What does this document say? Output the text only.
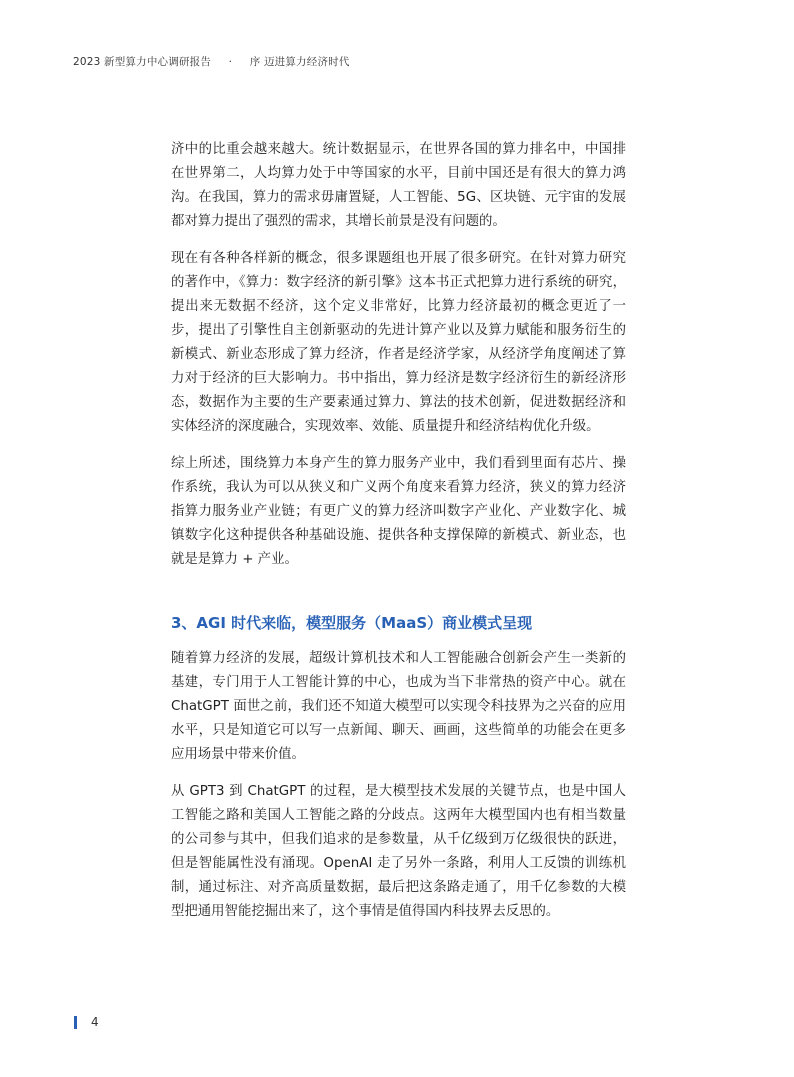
2023 新型算力中心调研报告 · 序 迈进算力经济时代

济中的比重会越来越大。统计数据显示，在世界各国的算力排名中，中国排在世界第二，人均算力处于中等国家的水平，目前中国还是有很大的算力鸿沟。在我国，算力的需求毋庸置疑，人工智能、5G、区块链、元宇宙的发展都对算力提出了强烈的需求，其增长前景是没有问题的。

现在有各种各样新的概念，很多课题组也开展了很多研究。在针对算力研究的著作中，《算力：数字经济的新引擎》这本书正式把算力进行系统的研究，提出来无数据不经济，这个定义非常好，比算力经济最初的概念更近了一步，提出了引擎性自主创新驱动的先进计算产业以及算力赋能和服务衍生的新模式、新业态形成了算力经济，作者是经济学家，从经济学角度阐述了算力对于经济的巨大影响力。书中指出，算力经济是数字经济衍生的新经济形态，数据作为主要的生产要素通过算力、算法的技术创新，促进数据经济和实体经济的深度融合，实现效率、效能、质量提升和经济结构优化升级。

综上所述，围绕算力本身产生的算力服务产业中，我们看到里面有芯片、操作系统，我认为可以从狭义和广义两个角度来看算力经济，狭义的算力经济指算力服务业产业链；有更广义的算力经济叫数字产业化、产业数字化、城镇数字化这种提供各种基础设施、提供各种支撑保障的新模式、新业态，也就是是算力 + 产业。

3、AGI 时代来临，模型服务（MaaS）商业模式呈现

随着算力经济的发展，超级计算机技术和人工智能融合创新会产生一类新的基建，专门用于人工智能计算的中心，也成为当下非常热的资产中心。就在 ChatGPT 面世之前，我们还不知道大模型可以实现令科技界为之兴奋的应用水平，只是知道它可以写一点新闻、聊天、画画，这些简单的功能会在更多应用场景中带来价值。

从 GPT3 到 ChatGPT 的过程，是大模型技术发展的关键节点，也是中国人工智能之路和美国人工智能之路的分歧点。这两年大模型国内也有相当数量的公司参与其中，但我们追求的是参数量，从千亿级到万亿级很快的跃进，但是智能属性没有涌现。OpenAI 走了另外一条路，利用人工反馈的训练机制，通过标注、对齐高质量数据，最后把这条路走通了，用千亿参数的大模型把通用智能挖掘出来了，这个事情是值得国内科技界去反思的。

4
